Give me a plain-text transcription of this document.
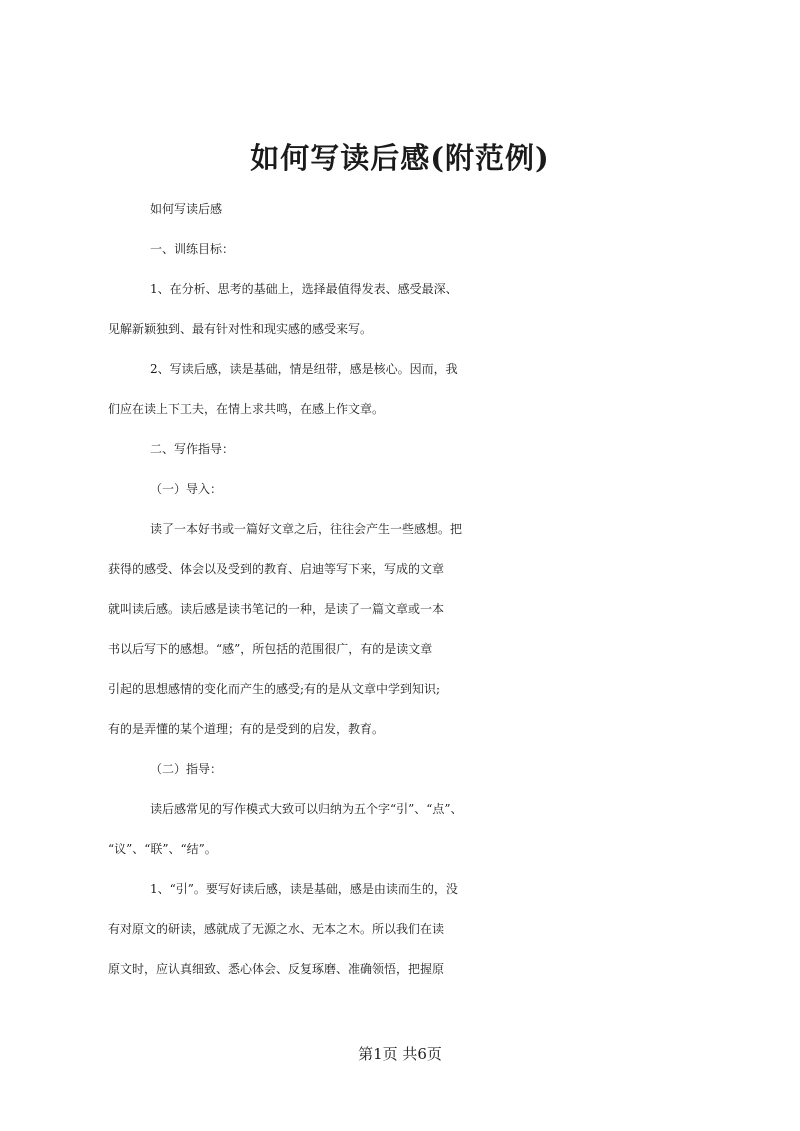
如何写读后感(附范例)
如何写读后感
一、训练目标：
1、在分析、思考的基础上，选择最值得发表、感受最深、
见解新颖独到、最有针对性和现实感的感受来写。
2、写读后感，读是基础，情是纽带，感是核心。因而，我
们应在读上下工夫，在情上求共鸣，在感上作文章。
二、写作指导：
（一）导入：
读了一本好书或一篇好文章之后，往往会产生一些感想。把
获得的感受、体会以及受到的教育、启迪等写下来，写成的文章
就叫读后感。读后感是读书笔记的一种，是读了一篇文章或一本
书以后写下的感想。“感”，所包括的范围很广，有的是读文章
引起的思想感情的变化而产生的感受;有的是从文章中学到知识;
有的是弄懂的某个道理；有的是受到的启发，教育。
（二）指导：
读后感常见的写作模式大致可以归纳为五个字“引”、“点”、
“议”、“联”、“结”。
1、“引”。要写好读后感，读是基础，感是由读而生的，没
有对原文的研读，感就成了无源之水、无本之木。所以我们在读
原文时，应认真细致、悉心体会、反复琢磨、准确领悟，把握原
第1页 共6页
